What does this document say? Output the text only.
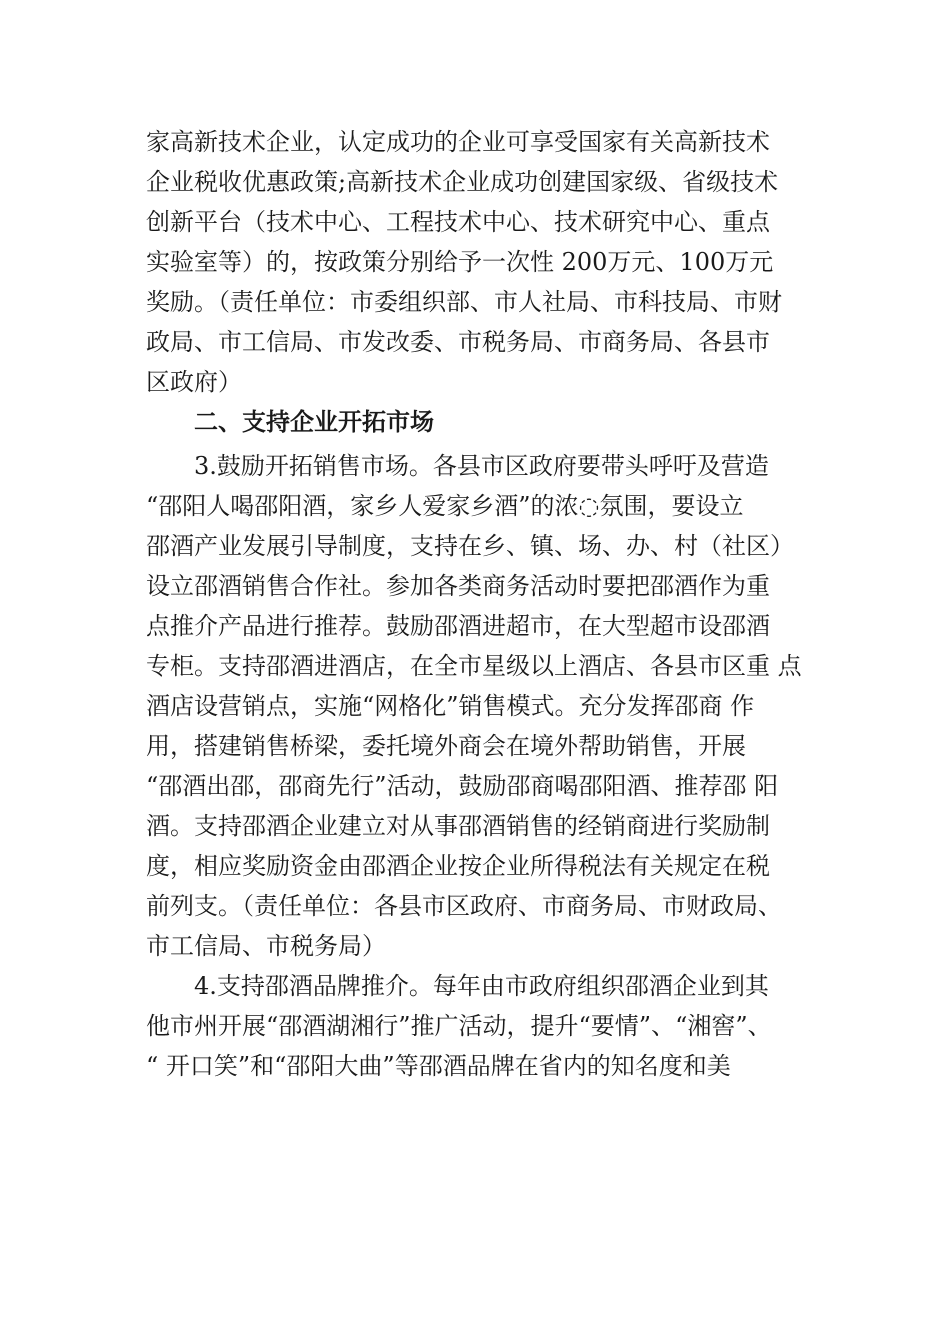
家高新技术企业，认定成功的企业可享受国家有关高新技术
企业税收优惠政策;高新技术企业成功创建国家级、省级技术
创新平台（技术中心、工程技术中心、技术研究中心、重点
实验室等）的，按政策分别给予一次性 200万元、100万元
奖励。（责任单位：市委组织部、市人社局、市科技局、市财
政局、市工信局、市发改委、市税务局、市商务局、各县市
区政府）
二、支持企业开拓市场
3.鼓励开拓销售市场。各县市区政府要带头呼吁及营造
“邵阳人喝邵阳酒，家乡人爱家乡酒”的浓◌氛围，要设立
邵酒产业发展引导制度，支持在乡、镇、场、办、村（社区）
设立邵酒销售合作社。参加各类商务活动时要把邵酒作为重
点推介产品进行推荐。鼓励邵酒进超市，在大型超市设邵酒
专柜。支持邵酒进酒店，在全市星级以上酒店、各县市区重 点
酒店设营销点，实施“网格化”销售模式。充分发挥邵商 作
用，搭建销售桥梁，委托境外商会在境外帮助销售，开展
“邵酒出邵，邵商先行”活动，鼓励邵商喝邵阳酒、推荐邵 阳
酒。支持邵酒企业建立对从事邵酒销售的经销商进行奖励制
度，相应奖励资金由邵酒企业按企业所得税法有关规定在税
前列支。（责任单位：各县市区政府、市商务局、市财政局、
市工信局、市税务局）
4.支持邵酒品牌推介。每年由市政府组织邵酒企业到其
他市州开展“邵酒湖湘行”推广活动，提升“要情”、“湘窖”、
“ 开口笑”和“邵阳大曲”等邵酒品牌在省内的知名度和美
